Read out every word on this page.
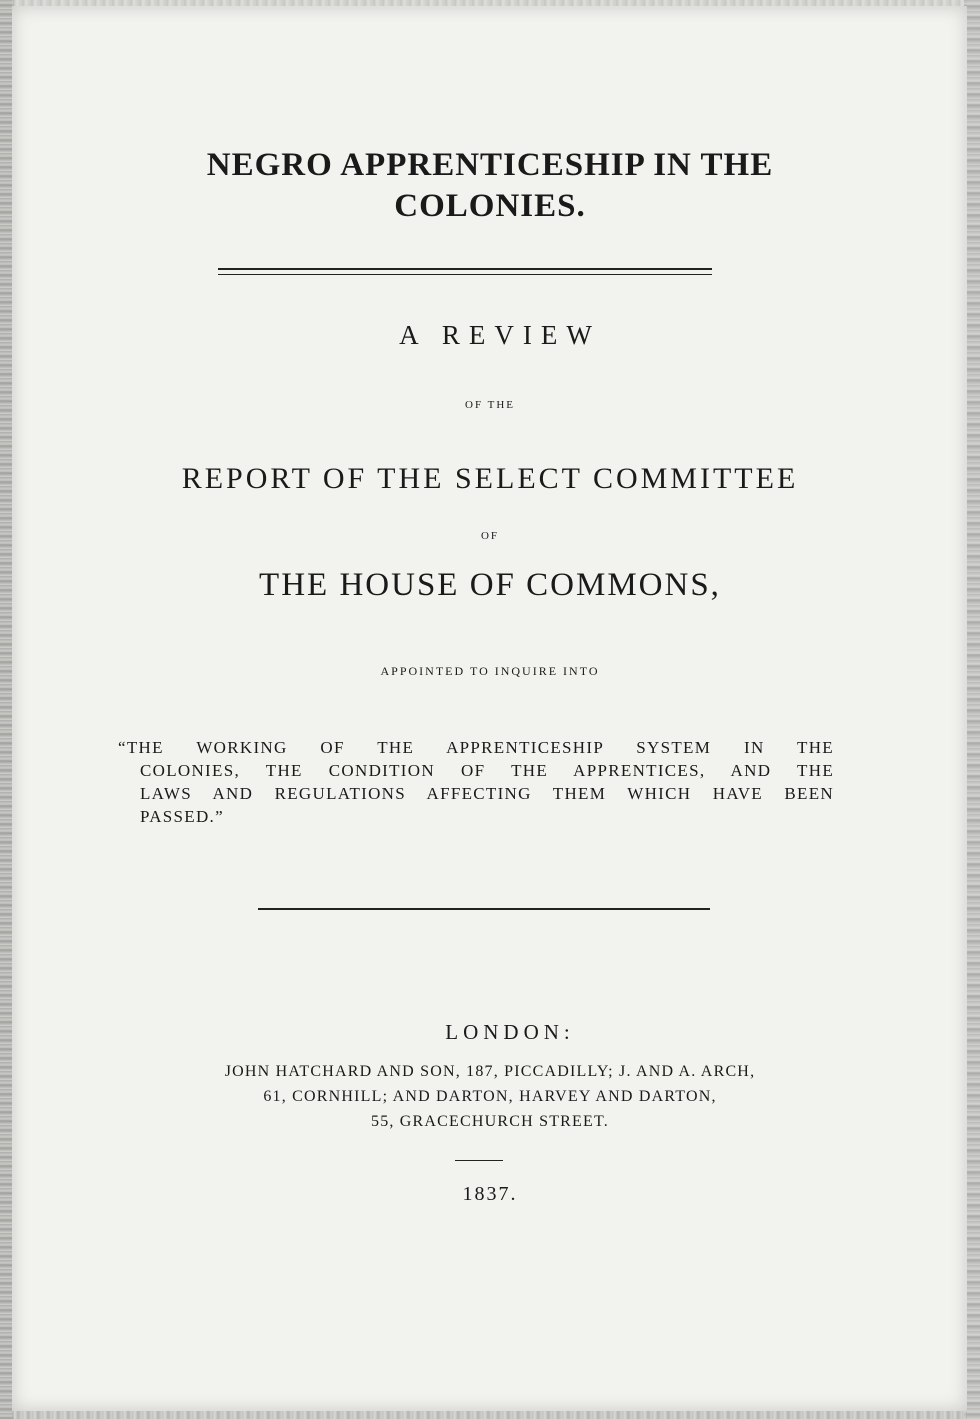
NEGRO APPRENTICESHIP IN THE
COLONIES.
A REVIEW
OF THE
REPORT OF THE SELECT COMMITTEE
OF
THE HOUSE OF COMMONS,
APPOINTED TO INQUIRE INTO
“THE WORKING OF THE APPRENTICESHIP SYSTEM IN THE
COLONIES, THE CONDITION OF THE APPRENTICES, AND THE
LAWS AND REGULATIONS AFFECTING THEM WHICH HAVE BEEN
PASSED.”
LONDON:
JOHN HATCHARD AND SON, 187, PICCADILLY; J. AND A. ARCH,
61, CORNHILL; AND DARTON, HARVEY AND DARTON,
55, GRACECHURCH STREET.
1837.
